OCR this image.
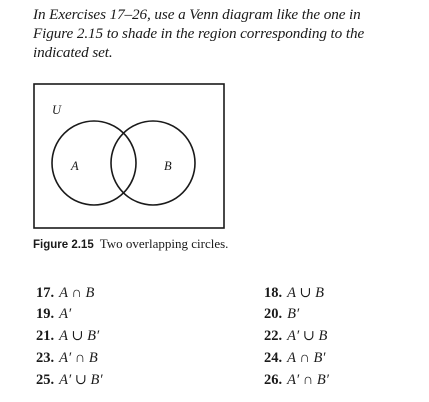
In Exercises 17–26, use a Venn diagram like the one in
Figure 2.15 to shade in the region corresponding to the
indicated set.

U
A	B

Figure 2.15 Two overlapping circles.

17. A ∩ B	18. A ∪ B
19. A′	20. B′
21. A ∪ B′	22. A′ ∪ B
23. A′ ∩ B	24. A ∩ B′
25. A′ ∪ B′	26. A′ ∩ B′
